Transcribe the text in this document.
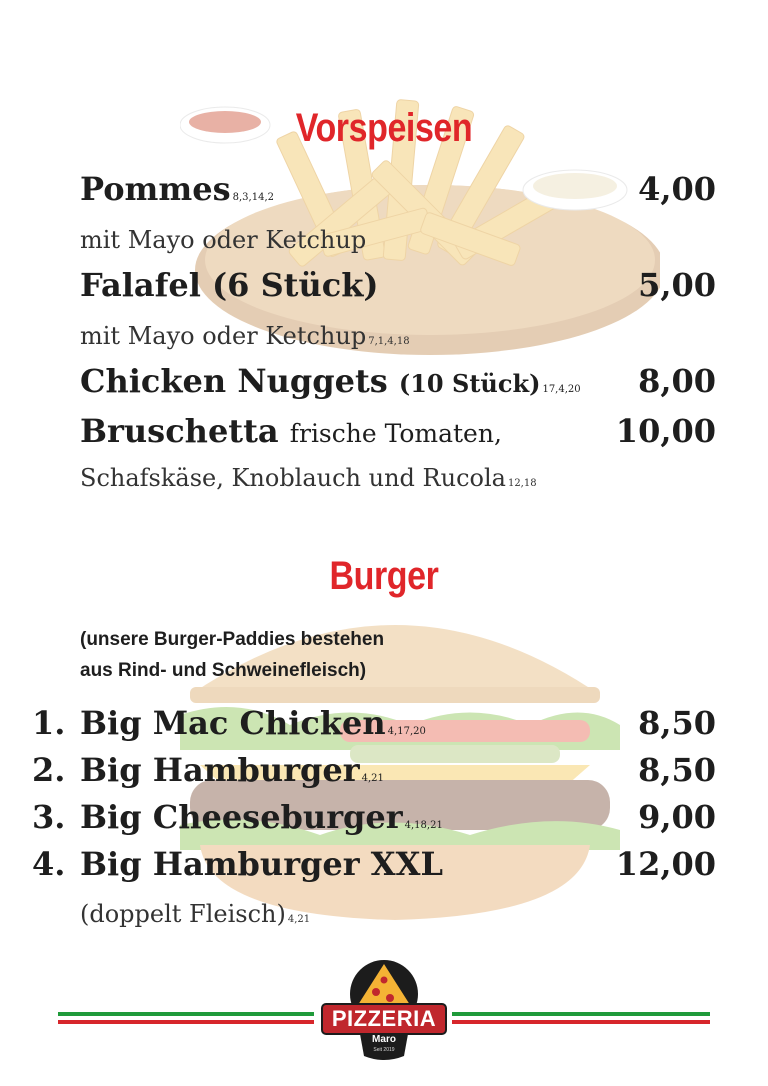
Vorspeisen
Pommes 8,3,14,2	4,00
mit Mayo oder Ketchup
Falafel (6 Stück)	5,00
mit Mayo oder Ketchup 7,1,4,18
Chicken Nuggets (10 Stück) 17,4,20 8,00
Bruschetta frische Tomaten,	10,00
Schafskäse, Knoblauch und Rucola 12,18
Burger
(unsere Burger-Paddies bestehen
aus Rind- und Schweinefleisch)
1. Big Mac Chicken 4,17,20	8,50
2. Big Hamburger 4,21	8,50
3. Big Cheeseburger 4,18,21	9,00
4. Big Hamburger XXL	12,00
(doppelt Fleisch) 4,21
PIZZERIA
Maro
Seit 2019
